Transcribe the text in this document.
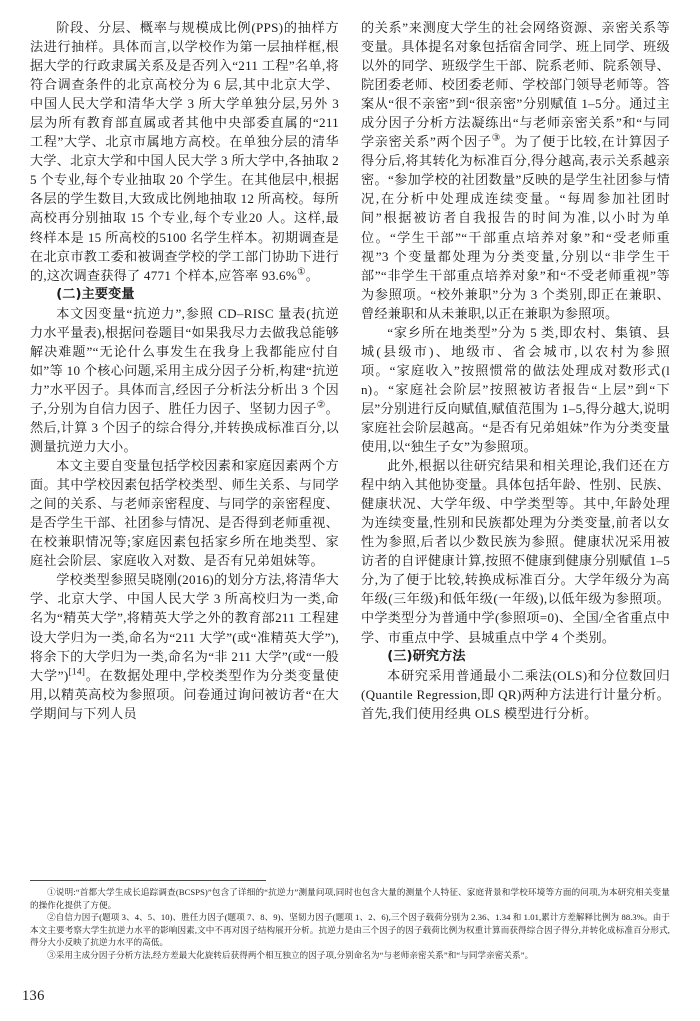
阶段、分层、概率与规模成比例(PPS)的抽样方法进行抽样。具体而言,以学校作为第一层抽样框,根据大学的行政隶属关系及是否列入“211 工程”名单,将符合调查条件的北京高校分为 6 层,其中北京大学、中国人民大学和清华大学 3 所大学单独分层,另外 3 层为所有教育部直属或者其他中央部委直属的“211 工程”大学、北京市属地方高校。在单独分层的清华大学、北京大学和中国人民大学 3 所大学中,各抽取 25 个专业,每个专业抽取 20 个学生。在其他层中,根据各层的学生数目,大致成比例地抽取 12 所高校。每所高校再分别抽取 15 个专业,每个专业20 人。这样,最终样本是 15 所高校的5100 名学生样本。初期调查是在北京市教工委和被调查学校的学工部门协助下进行的,这次调查获得了 4771 个样本,应答率 93.6%①。

(二)主要变量

本文因变量“抗逆力”,参照 CD–RISC 量表(抗逆力水平量表),根据问卷题目“如果我尽力去做我总能够解决难题”“无论什么事发生在我身上我都能应付自如”等 10 个核心问题,采用主成分因子分析,构建“抗逆力”水平因子。具体而言,经因子分析法分析出 3 个因子,分别为自信力因子、胜任力因子、坚韧力因子②。然后,计算 3 个因子的综合得分,并转换成标准百分,以测量抗逆力大小。

本文主要自变量包括学校因素和家庭因素两个方面。其中学校因素包括学校类型、师生关系、与同学之间的关系、与老师亲密程度、与同学的亲密程度、是否学生干部、社团参与情况、是否得到老师重视、在校兼职情况等;家庭因素包括家乡所在地类型、家庭社会阶层、家庭收入对数、是否有兄弟姐妹等。

学校类型参照吴晓刚(2016)的划分方法,将清华大学、北京大学、中国人民大学 3 所高校归为一类,命名为“精英大学”,将精英大学之外的教育部211 工程建设大学归为一类,命名为“211 大学”(或“准精英大学”),将余下的大学归为一类,命名为“非 211 大学”(或“一般大学”)[14]。在数据处理中,学校类型作为分类变量使用,以精英高校为参照项。问卷通过询问被访者“在大学期间与下列人员

的关系”来测度大学生的社会网络资源、亲密关系等变量。具体提名对象包括宿舍同学、班上同学、班级以外的同学、班级学生干部、院系老师、院系领导、院团委老师、校团委老师、学校部门领导老师等。答案从“很不亲密”到“很亲密”分别赋值 1–5分。通过主成分因子分析方法凝练出“与老师亲密关系”和“与同学亲密关系”两个因子③。为了便于比较,在计算因子得分后,将其转化为标准百分,得分越高,表示关系越亲密。“参加学校的社团数量”反映的是学生社团参与情况,在分析中处理成连续变量。“每周参加社团时间”根据被访者自我报告的时间为准,以小时为单位。“学生干部”“干部重点培养对象”和“受老师重视”3 个变量都处理为分类变量,分别以“非学生干部”“非学生干部重点培养对象”和“不受老师重视”等为参照项。“校外兼职”分为 3 个类别,即正在兼职、曾经兼职和从未兼职,以正在兼职为参照项。

“家乡所在地类型”分为 5 类,即农村、集镇、县城(县级市)、地级市、省会城市,以农村为参照项。“家庭收入”按照惯常的做法处理成对数形式(ln)。“家庭社会阶层”按照被访者报告“上层”到“下层”分别进行反向赋值,赋值范围为 1–5,得分越大,说明家庭社会阶层越高。“是否有兄弟姐妹”作为分类变量使用,以“独生子女”为参照项。

此外,根据以往研究结果和相关理论,我们还在方程中纳入其他协变量。具体包括年龄、性别、民族、健康状况、大学年级、中学类型等。其中,年龄处理为连续变量,性别和民族都处理为分类变量,前者以女性为参照,后者以少数民族为参照。健康状况采用被访者的自评健康计算,按照不健康到健康分别赋值 1–5 分,为了便于比较,转换成标准百分。大学年级分为高年级(三年级)和低年级(一年级),以低年级为参照项。中学类型分为普通中学(参照项=0)、全国/全省重点中学、市重点中学、县城重点中学 4 个类别。

(三)研究方法

本研究采用普通最小二乘法(OLS)和分位数回归(Quantile Regression,即 QR)两种方法进行计量分析。首先,我们使用经典 OLS 模型进行分析。

①说明:“首都大学生成长追踪调查(BCSPS)”包含了详细的“抗逆力”测量问项,同时也包含大量的测量个人特征、家庭背景和学校环境等方面的问项,为本研究相关变量的操作化提供了方便。

②自信力因子(题项 3、4、5、10)、胜任力因子(题项 7、8、9)、坚韧力因子(题项 1、2、6),三个因子载荷分别为 2.36、1.34 和 1.01,累计方差解释比例为 88.3%。由于本文主要考察大学生抗逆力水平的影响因素,文中不再对因子结构展开分析。抗逆力是由三个因子的因子载荷比例为权重计算而获得综合因子得分,并转化成标准百分形式,得分大小反映了抗逆力水平的高低。

③采用主成分因子分析方法,经方差最大化旋转后获得两个相互独立的因子项,分别命名为“与老师亲密关系”和“与同学亲密关系”。

136
